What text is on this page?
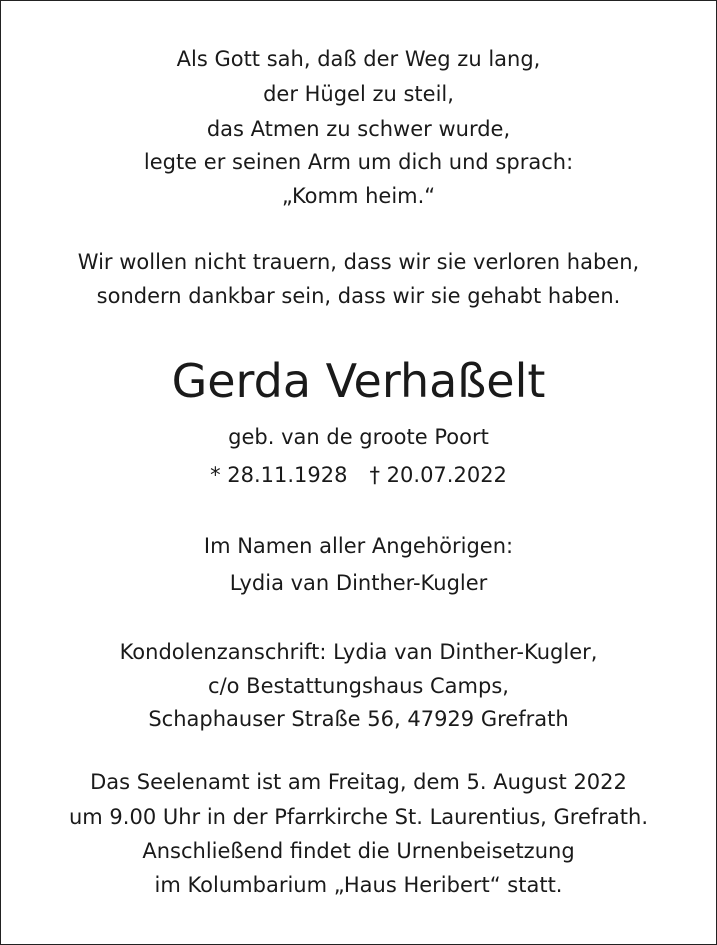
Als Gott sah, daß der Weg zu lang,
der Hügel zu steil,
das Atmen zu schwer wurde,
legte er seinen Arm um dich und sprach:
„Komm heim.“
Wir wollen nicht trauern, dass wir sie verloren haben,
sondern dankbar sein, dass wir sie gehabt haben.
Gerda Verhaßelt
geb. van de groote Poort
* 28.11.1928 † 20.07.2022
Im Namen aller Angehörigen:
Lydia van Dinther-Kugler
Kondolenzanschrift: Lydia van Dinther-Kugler,
c/o Bestattungshaus Camps,
Schaphauser Straße 56, 47929 Grefrath
Das Seelenamt ist am Freitag, dem 5. August 2022
um 9.00 Uhr in der Pfarrkirche St. Laurentius, Grefrath.
Anschließend findet die Urnenbeisetzung
im Kolumbarium „Haus Heribert“ statt.
